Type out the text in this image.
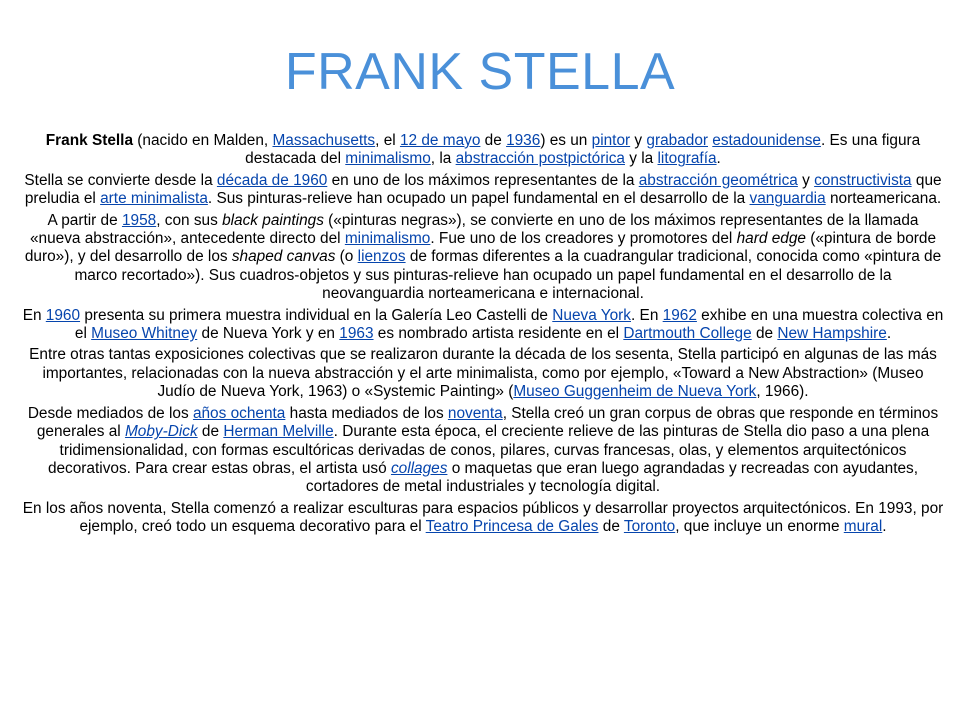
FRANK STELLA

Frank Stella (nacido en Malden, Massachusetts, el 12 de mayo de 1936) es un pintor y grabador estadounidense. Es una figura destacada del minimalismo, la abstracción postpictórica y la litografía.

Stella se convierte desde la década de 1960 en uno de los máximos representantes de la abstracción geométrica y constructivista que preludia el arte minimalista. Sus pinturas-relieve han ocupado un papel fundamental en el desarrollo de la vanguardia norteamericana.

A partir de 1958, con sus black paintings («pinturas negras»), se convierte en uno de los máximos representantes de la llamada «nueva abstracción», antecedente directo del minimalismo. Fue uno de los creadores y promotores del hard edge («pintura de borde duro»), y del desarrollo de los shaped canvas (o lienzos de formas diferentes a la cuadrangular tradicional, conocida como «pintura de marco recortado»). Sus cuadros-objetos y sus pinturas-relieve han ocupado un papel fundamental en el desarrollo de la neovanguardia norteamericana e internacional.

En 1960 presenta su primera muestra individual en la Galería Leo Castelli de Nueva York. En 1962 exhibe en una muestra colectiva en el Museo Whitney de Nueva York y en 1963 es nombrado artista residente en el Dartmouth College de New Hampshire.

Entre otras tantas exposiciones colectivas que se realizaron durante la década de los sesenta, Stella participó en algunas de las más importantes, relacionadas con la nueva abstracción y el arte minimalista, como por ejemplo, «Toward a New Abstraction» (Museo Judío de Nueva York, 1963) o «Systemic Painting» (Museo Guggenheim de Nueva York, 1966).

Desde mediados de los años ochenta hasta mediados de los noventa, Stella creó un gran corpus de obras que responde en términos generales al Moby-Dick de Herman Melville. Durante esta época, el creciente relieve de las pinturas de Stella dio paso a una plena tridimensionalidad, con formas escultóricas derivadas de conos, pilares, curvas francesas, olas, y elementos arquitectónicos decorativos. Para crear estas obras, el artista usó collages o maquetas que eran luego agrandadas y recreadas con ayudantes, cortadores de metal industriales y tecnología digital.

En los años noventa, Stella comenzó a realizar esculturas para espacios públicos y desarrollar proyectos arquitectónicos. En 1993, por ejemplo, creó todo un esquema decorativo para el Teatro Princesa de Gales de Toronto, que incluye un enorme mural.
